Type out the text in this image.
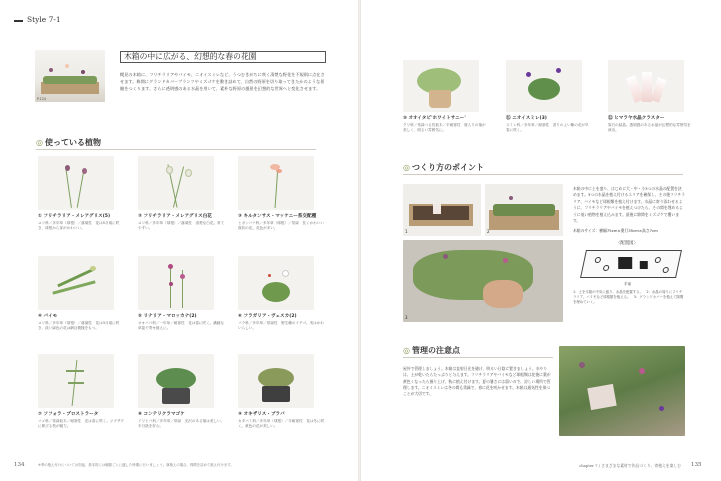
Style 7-1
P.124
木箱の中に広がる、幻想的な春の花園
幌見の木箱に、フリチラリアやバイモ、ニオイスミレなど、うつむきがちに咲く清楚な野花を不規則に点在させます。株間にグランドカバープランツやミズゴケを敷き詰めて、自然の野原を切り取ってきたかのような景観をつくります。さらに透明感のある水晶を用いて、素朴な野原の風景を幻想的な世界へと変化させます。
◎ 使っている植物
① フリチラリア・メレアグリス(5)
ユリ科／多年草（球根）／落葉性　花は5月頃に咲き、球根から芽がかわいい。
② フリチラリア・メレアグリス白花
ユリ科／多年草（球根）／落葉性　清楚な白花。育てやすい。
③ キルタンサス・マッケニー系交配種
ヒガンバナ科／多年草（球根）／常緑　長くかわいい筒状の花。花色が多い。
④ バイモ
ユリ科／多年草（球根）／落葉性　花は3月頃に咲き、淡い緑色の花は網目模様をもつ。
⑤ リナリア・マロッカナ(2)
オオバコ科／一年草／耐寒性　花は春に咲く。繊細な草姿で寄せ植えに。
⑥ フラガリア・ヴェスカ(2)
バラ科／多年草／常緑性　野生種のイチゴ。実はかわいらしい。
⑦ ソフォラ・プロストラータ
マメ科／常緑低木／耐寒性　花は春に咲く。ジグザグに伸びる枝が魅力。
⑧ コンテリクラマゴケ
イワヒバ科／多年草／常緑　光沢のある葉は美しい。半日陰を好む。
⑨ オキザリス・ブラバ
カタバミ科／多年草（球根）／半耐寒性　花は冬に咲く。黄色の花が美しい。
134	※季の植え付けについては別途、基本的には種類ごとに適した時期に行いましょう。鉢植えの場合、株間を詰めて植え付けます。
⑩ オオイタビ'ホワイトサニー'
クワ科／常緑つる性低木／半耐寒性　斑入りの葉が美しく、明るい雰囲気に。
⑪ ニオイスミレ(3)
スミレ科／多年草／耐寒性　香りのよい紫の花が早春に咲く。
⑫ ヒマラヤ水晶クラスター
原石の結晶。透明感のある水晶が幻想的な雰囲気を演出。
◎ つくり方のポイント
1	2
3
木箱の中に土を盛り、はじめに大・中・小3つの水晶の配置を決めます。3つの水晶を植え付けるエリアを確保し、その後フリチラリア、バイモなど球根類を植え付けます。水晶に寄り添わせるように、フリチラリアやバイモを植えつけたら、その間を埋めるように低い植物を植え込みます。最後に隙間をミズゴケで覆います。
木箱のサイズ：横幅75cm×奥行35cm×高さ7cm
〈配置図〉
手前
1：土を木箱の中央に盛り、水晶を配置する。　2：水晶の周りにフリチラリア、バイモなど球根類を植える。　3：グランドカバーを植えて隙間を埋めていく。
◎ 管理の注意点
屋外で管理しましょう。木箱は直射日光を避け、明るい日陰に置きましょう。水やりは、土が乾いたらたっぷりと与えます。フリチラリアやバイモなど球根類は花後に葉が黄色くなったら掘り上げ、秋に植え付けます。夏の暑さには弱いので、涼しい場所で管理します。ニオイスミレは冬の間も常緑で、春に花を咲かせます。木箱は通気性を保つことが大切です。
chapter 7 / さまざまな素材で作品づくり、寄植えを楽しむ 135
